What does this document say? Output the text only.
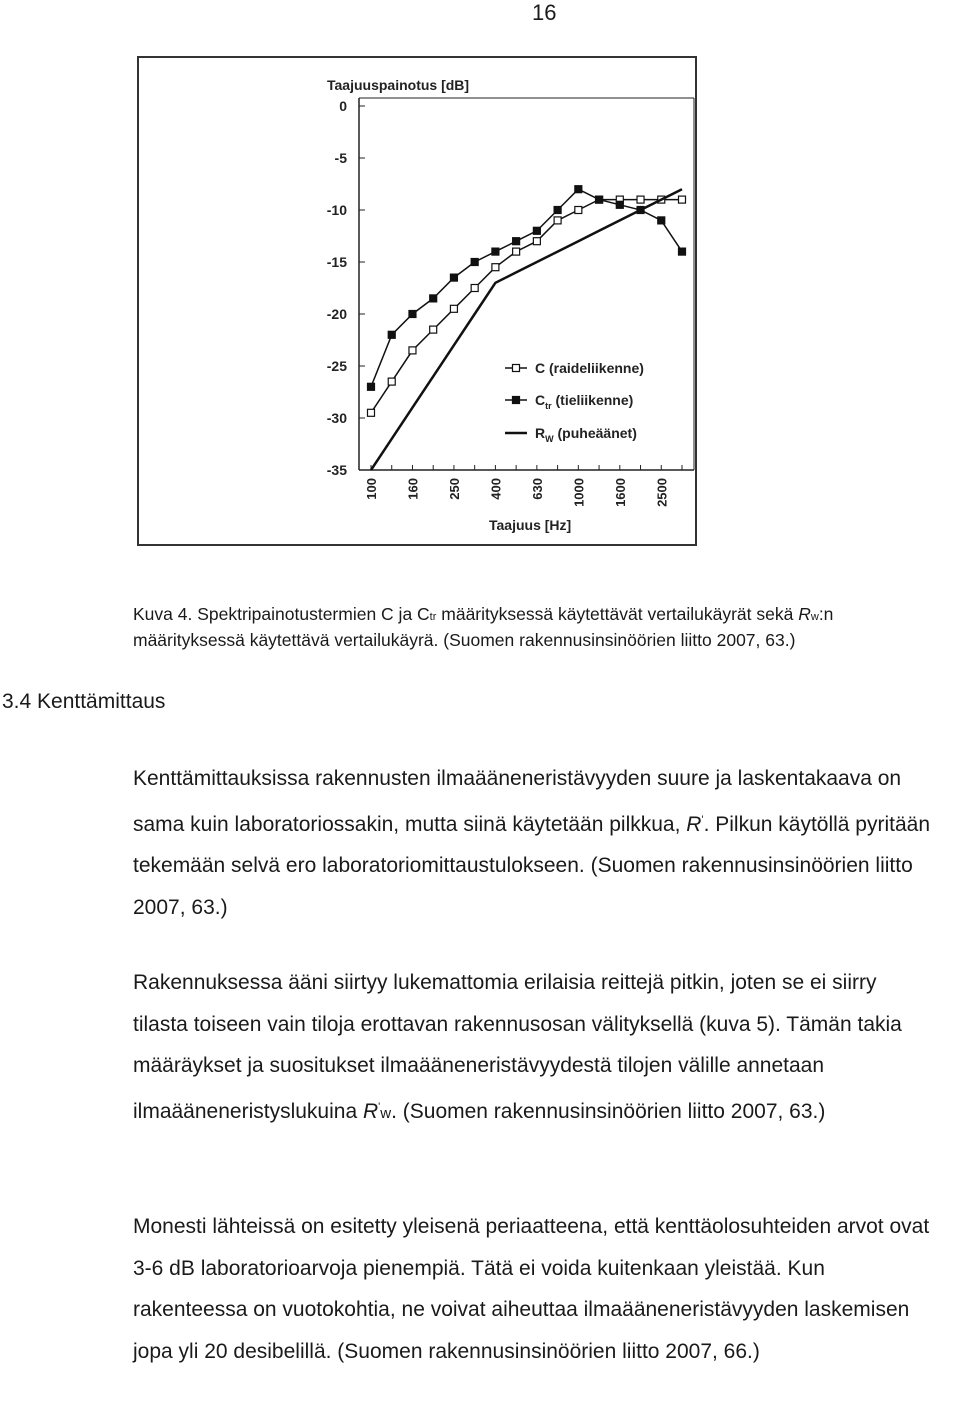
16
Taajuuspainotus [dB]
0
-5
-10
-15
-20
-25
-30
-35
100 160 250 400 630 1000 1600 2500
Taajuus [Hz]
C (raideliikenne)
$C_{tr}$ (tieliikenne)
$R_W$ (puheäänet)
Kuva 4. Spektripainotustermien C ja Ctr määrityksessä käytettävät vertailukäyrät sekä Rw:n
määrityksessä käytettävä vertailukäyrä. (Suomen rakennusinsinöörien liitto 2007, 63.)
3.4 Kenttämittaus
Kenttämittauksissa rakennusten ilmaääneneristävyyden suure ja laskentakaava on sama kuin laboratoriossakin, mutta siinä käytetään pilkkua, R'. Pilkun käytöllä pyritään tekemään selvä ero laboratoriomittaustulokseen. (Suomen rakennusinsinöörien liitto 2007, 63.)
Rakennuksessa ääni siirtyy lukemattomia erilaisia reittejä pitkin, joten se ei siirry tilasta toiseen vain tiloja erottavan rakennusosan välityksellä (kuva 5). Tämän takia määräykset ja suositukset ilmaääneneristävyydestä tilojen välille annetaan ilmaääneneristyslukuina R'w. (Suomen rakennusinsinöörien liitto 2007, 63.)
Monesti lähteissä on esitetty yleisenä periaatteena, että kenttäolosuhteiden arvot ovat 3-6 dB laboratorioarvoja pienempiä. Tätä ei voida kuitenkaan yleistää. Kun rakenteessa on vuotokohtia, ne voivat aiheuttaa ilmaääneneristävyyden laskemisen jopa yli 20 desibelillä. (Suomen rakennusinsinöörien liitto 2007, 66.)
